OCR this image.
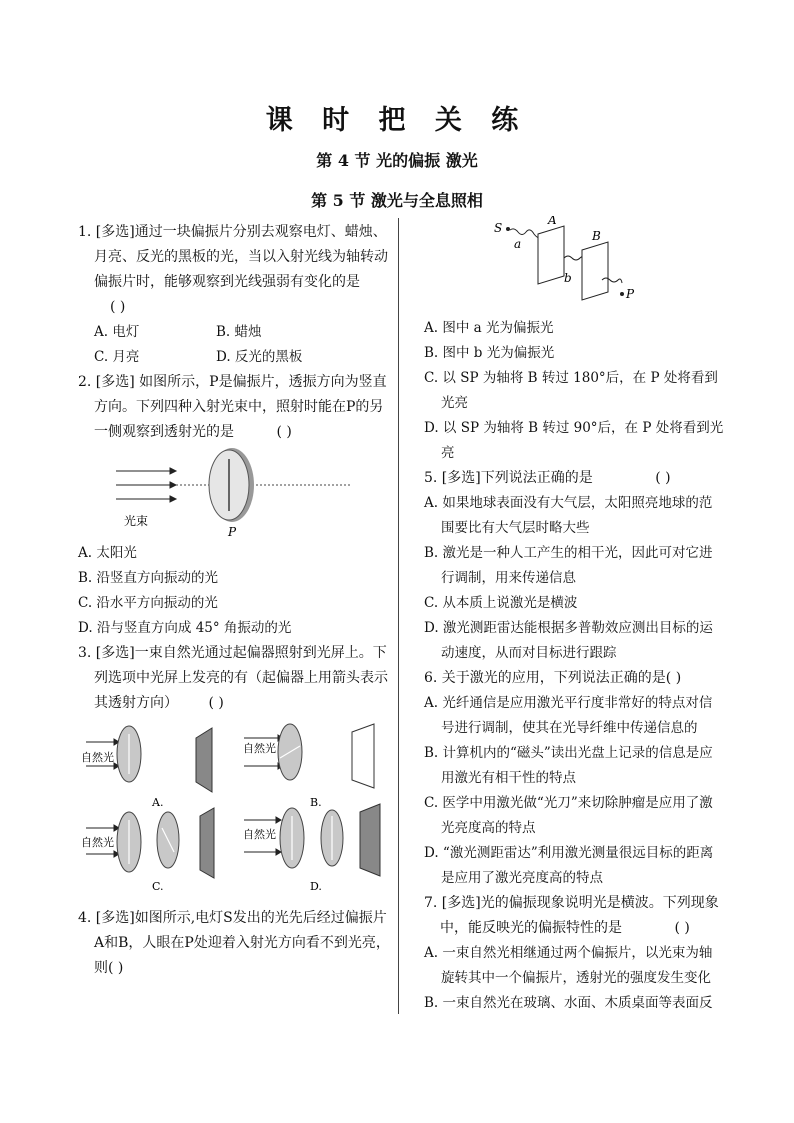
课 时 把 关 练
第 4 节 光的偏振 激光
第 5 节 激光与全息照相
1. [多选]通过一块偏振片分别去观察电灯、蜡烛、月亮、反光的黑板的光，当以入射光线为轴转动偏振片时，能够观察到光线强弱有变化的是
( )
A. 电灯	B. 蜡烛
C. 月亮	D. 反光的黑板
2. [多选] 如图所示，P是偏振片，透振方向为竖直方向。下列四种入射光束中，照射时能在P的另一侧观察到透射光的是	( )
光束
P
A. 太阳光
B. 沿竖直方向振动的光
C. 沿水平方向振动的光
D. 沿与竖直方向成 45° 角振动的光
3. [多选]一束自然光通过起偏器照射到光屏上。下列选项中光屏上发亮的有（起偏器上用箭头表示其透射方向） ( )
自然光
A.
自然光
B.
自然光
C.
自然光
D.
4. [多选]如图所示,电灯S发出的光先后经过偏振片A和B，人眼在P处迎着入射光方向看不到光亮，则( )
S
a
A
b
B
P
A. 图中 a 光为偏振光
B. 图中 b 光为偏振光
C. 以 SP 为轴将 B 转过 180°后，在 P 处将看到光亮
D. 以 SP 为轴将 B 转过 90°后，在 P 处将看到光亮
5. [多选]下列说法正确的是	( )
A. 如果地球表面没有大气层，太阳照亮地球的范围要比有大气层时略大些
B. 激光是一种人工产生的相干光，因此可对它进行调制，用来传递信息
C. 从本质上说激光是横波
D. 激光测距雷达能根据多普勒效应测出目标的运动速度，从而对目标进行跟踪
6. 关于激光的应用，下列说法正确的是( )
A. 光纤通信是应用激光平行度非常好的特点对信号进行调制，使其在光导纤维中传递信息的
B. 计算机内的“磁头”读出光盘上记录的信息是应用激光有相干性的特点
C. 医学中用激光做“光刀”来切除肿瘤是应用了激光亮度高的特点
D. “激光测距雷达”利用激光测量很远目标的距离是应用了激光亮度高的特点
7. [多选]光的偏振现象说明光是横波。下列现象中，能反映光的偏振特性的是	( )
A. 一束自然光相继通过两个偏振片，以光束为轴旋转其中一个偏振片，透射光的强度发生变化
B. 一束自然光在玻璃、水面、木质桌面等表面反
